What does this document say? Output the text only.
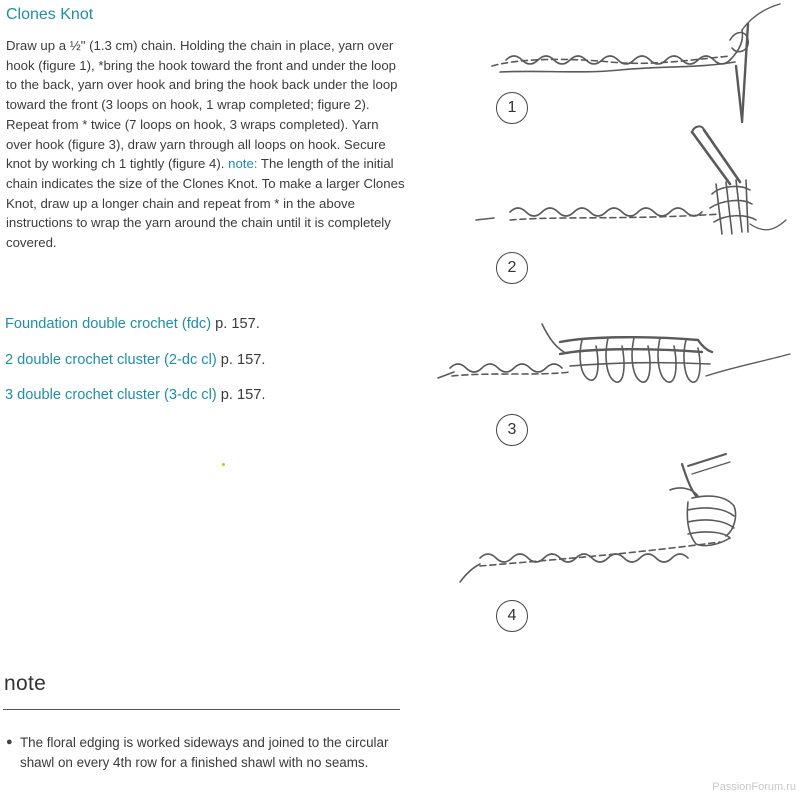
Clones Knot
Draw up a ½" (1.3 cm) chain. Holding the chain in place, yarn over hook (figure 1), *bring the hook toward the front and under the loop to the back, yarn over hook and bring the hook back under the loop toward the front (3 loops on hook, 1 wrap completed; figure 2). Repeat from * twice (7 loops on hook, 3 wraps completed). Yarn over hook (figure 3), draw yarn through all loops on hook. Secure knot by working ch 1 tightly (figure 4). note: The length of the initial chain indicates the size of the Clones Knot. To make a larger Clones Knot, draw up a longer chain and repeat from * in the above instructions to wrap the yarn around the chain until it is completely covered.
Foundation double crochet (fdc) p. 157.
2 double crochet cluster (2-dc cl) p. 157.
3 double crochet cluster (3-dc cl) p. 157.
1
2
3
4
note
● The floral edging is worked sideways and joined to the circular shawl on every 4th row for a finished shawl with no seams.
PassionForum.ru
